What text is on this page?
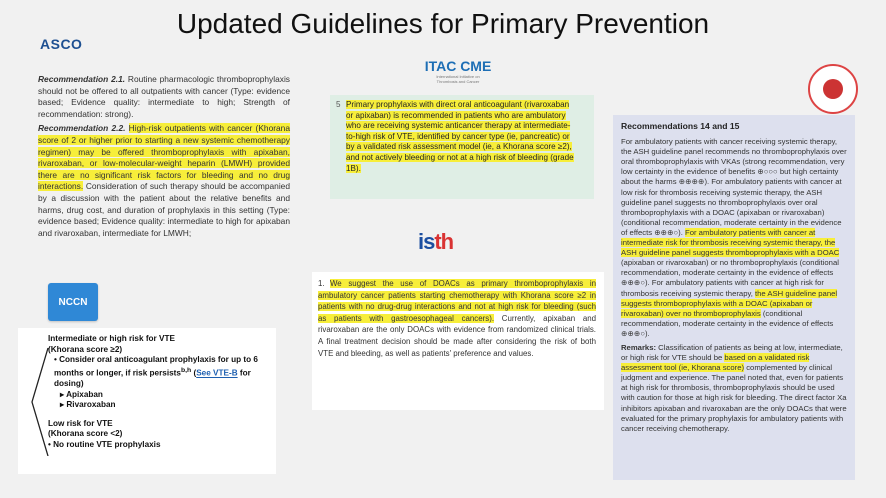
Updated Guidelines for Primary Prevention
ASCO

Recommendation 2.1. Routine pharmacologic thromboprophylaxis should not be offered to all outpatients with cancer (Type: evidence based; Evidence quality: intermediate to high; Strength of recommendation: strong).

Recommendation 2.2. High-risk outpatients with cancer (Khorana score of 2 or higher prior to starting a new systemic chemotherapy regimen) may be offered thromboprophylaxis with apixaban, rivaroxaban, or low-molecular-weight heparin (LMWH) provided there are no significant risk factors for bleeding and no drug interactions. Consideration of such therapy should be accompanied by a discussion with the patient about the relative benefits and harms, drug cost, and duration of prophylaxis in this setting (Type: evidence based; Evidence quality: intermediate to high for apixaban and rivaroxaban, intermediate for LMWH;

NCCN
Intermediate or high risk for VTE
(Khorana score ≥2)
• Consider oral anticoagulant prophylaxis for up to 6 months or longer, if risk persists$^{b,h}$ (See VTE-B for dosing)
▸ Apixaban
▸ Rivaroxaban
Low risk for VTE
(Khorana score <2)
• No routine VTE prophylaxis
ITAC CME
International Initiative on
Thrombosis and Cancer
5 Primary prophylaxis with direct oral anticoagulant (rivaroxaban or apixaban) is recommended in patients who are ambulatory who are receiving systemic anticancer therapy at intermediate-to-high risk of VTE, identified by cancer type (ie, pancreatic) or by a validated risk assessment model (ie, a Khorana score ≥2), and not actively bleeding or not at a high risk of bleeding (grade 1B).
isth
1. We suggest the use of DOACs as primary thromboprophylaxis in ambulatory cancer patients starting chemotherapy with Khorana score ≥2 in patients with no drug-drug interactions and not at high risk for bleeding (such as patients with gastroesophageal cancers). Currently, apixaban and rivaroxaban are the only DOACs with evidence from randomized clinical trials. A final treatment decision should be made after considering the risk of both VTE and bleeding, as well as patients' preference and values.
Recommendations 14 and 15

For ambulatory patients with cancer receiving systemic therapy, the ASH guideline panel recommends no thromboprophylaxis over oral thromboprophylaxis with VKAs (strong recommendation, very low certainty in the evidence of benefits ⊕○○○ but high certainty about the harms ⊕⊕⊕⊕). For ambulatory patients with cancer at low risk for thrombosis receiving systemic therapy, the ASH guideline panel suggests no thromboprophylaxis over oral thromboprophylaxis with a DOAC (apixaban or rivaroxaban) (conditional recommendation, moderate certainty in the evidence of effects ⊕⊕⊕○). For ambulatory patients with cancer at intermediate risk for thrombosis receiving systemic therapy, the ASH guideline panel suggests thromboprophylaxis with a DOAC (apixaban or rivaroxaban) or no thromboprophylaxis (conditional recommendation, moderate certainty in the evidence of effects ⊕⊕⊕○). For ambulatory patients with cancer at high risk for thrombosis receiving systemic therapy, the ASH guideline panel suggests thromboprophylaxis with a DOAC (apixaban or rivaroxaban) over no thromboprophylaxis (conditional recommendation, moderate certainty in the evidence of effects ⊕⊕⊕○).

Remarks: Classification of patients as being at low, intermediate, or high risk for VTE should be based on a validated risk assessment tool (ie, Khorana score) complemented by clinical judgment and experience. The panel noted that, even for patients at high risk for thrombosis, thromboprophylaxis should be used with caution for those at high risk for bleeding. The direct factor Xa inhibitors apixaban and rivaroxaban are the only DOACs that were evaluated for the primary prophylaxis for ambulatory patients with cancer receiving chemotherapy.
